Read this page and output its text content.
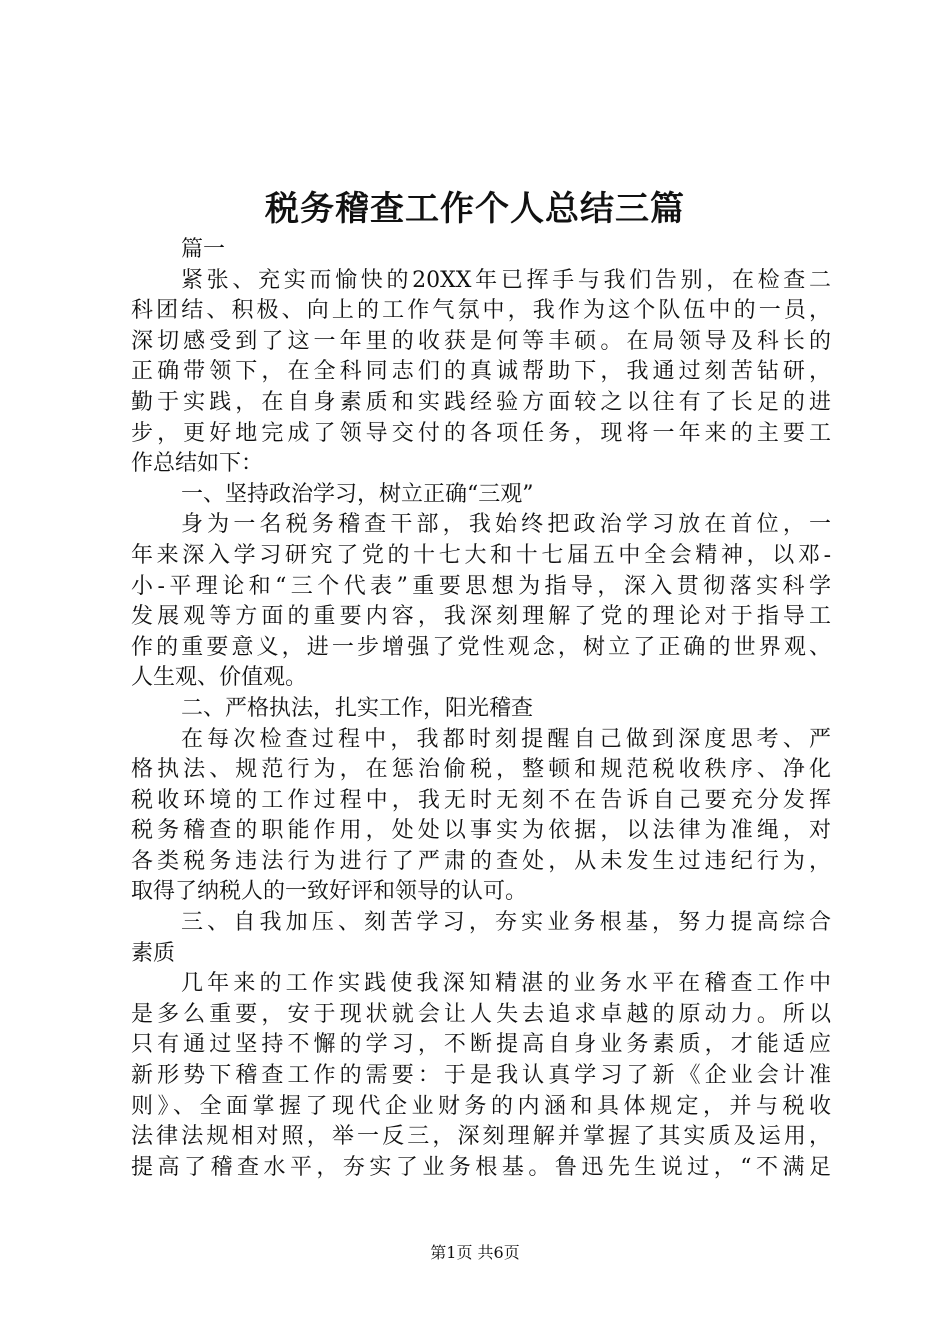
税务稽查工作个人总结三篇
篇一
紧张、充实而愉快的20XX年已挥手与我们告别，在检查二
科团结、积极、向上的工作气氛中，我作为这个队伍中的一员，
深切感受到了这一年里的收获是何等丰硕。在局领导及科长的
正确带领下，在全科同志们的真诚帮助下，我通过刻苦钻研，
勤于实践，在自身素质和实践经验方面较之以往有了长足的进
步，更好地完成了领导交付的各项任务，现将一年来的主要工
作总结如下：
一、坚持政治学习，树立正确“三观”
身为一名税务稽查干部，我始终把政治学习放在首位，一
年来深入学习研究了党的十七大和十七届五中全会精神，以邓-
小-平理论和“三个代表”重要思想为指导，深入贯彻落实科学
发展观等方面的重要内容，我深刻理解了党的理论对于指导工
作的重要意义，进一步增强了党性观念，树立了正确的世界观、
人生观、价值观。
二、严格执法，扎实工作，阳光稽查
在每次检查过程中，我都时刻提醒自己做到深度思考、严
格执法、规范行为，在惩治偷税，整顿和规范税收秩序、净化
税收环境的工作过程中，我无时无刻不在告诉自己要充分发挥
税务稽查的职能作用，处处以事实为依据，以法律为准绳，对
各类税务违法行为进行了严肃的查处，从未发生过违纪行为，
取得了纳税人的一致好评和领导的认可。
三、自我加压、刻苦学习，夯实业务根基，努力提高综合
素质
几年来的工作实践使我深知精湛的业务水平在稽查工作中
是多么重要，安于现状就会让人失去追求卓越的原动力。所以
只有通过坚持不懈的学习，不断提高自身业务素质，才能适应
新形势下稽查工作的需要：于是我认真学习了新《企业会计准
则》、全面掌握了现代企业财务的内涵和具体规定，并与税收
法律法规相对照，举一反三，深刻理解并掌握了其实质及运用，
提高了稽查水平，夯实了业务根基。鲁迅先生说过，“不满足
第1页 共6页
